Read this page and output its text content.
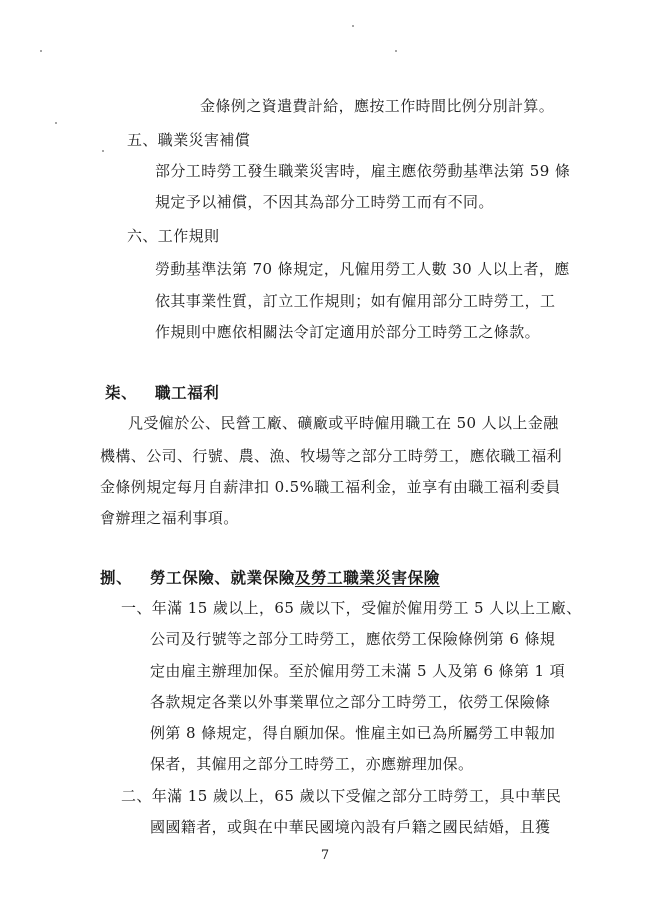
金條例之資遣費計給，應按工作時間比例分別計算。
五、職業災害補償
部分工時勞工發生職業災害時，雇主應依勞動基準法第 59 條
規定予以補償，不因其為部分工時勞工而有不同。
六、工作規則
勞動基準法第 70 條規定，凡僱用勞工人數 30 人以上者，應
依其事業性質，訂立工作規則；如有僱用部分工時勞工，工
作規則中應依相關法令訂定適用於部分工時勞工之條款。
柒、 職工福利
凡受僱於公、民營工廠、礦廠或平時僱用職工在 50 人以上金融
機構、公司、行號、農、漁、牧場等之部分工時勞工，應依職工福利
金條例規定每月自薪津扣 0.5%職工福利金，並享有由職工福利委員
會辦理之福利事項。
捌、 勞工保險、就業保險及勞工職業災害保險
一、年滿 15 歲以上，65 歲以下，受僱於僱用勞工 5 人以上工廠、
公司及行號等之部分工時勞工，應依勞工保險條例第 6 條規
定由雇主辦理加保。至於僱用勞工未滿 5 人及第 6 條第 1 項
各款規定各業以外事業單位之部分工時勞工，依勞工保險條
例第 8 條規定，得自願加保。惟雇主如已為所屬勞工申報加
保者，其僱用之部分工時勞工，亦應辦理加保。
二、年滿 15 歲以上，65 歲以下受僱之部分工時勞工，具中華民
國國籍者，或與在中華民國境內設有戶籍之國民結婚，且獲
7
